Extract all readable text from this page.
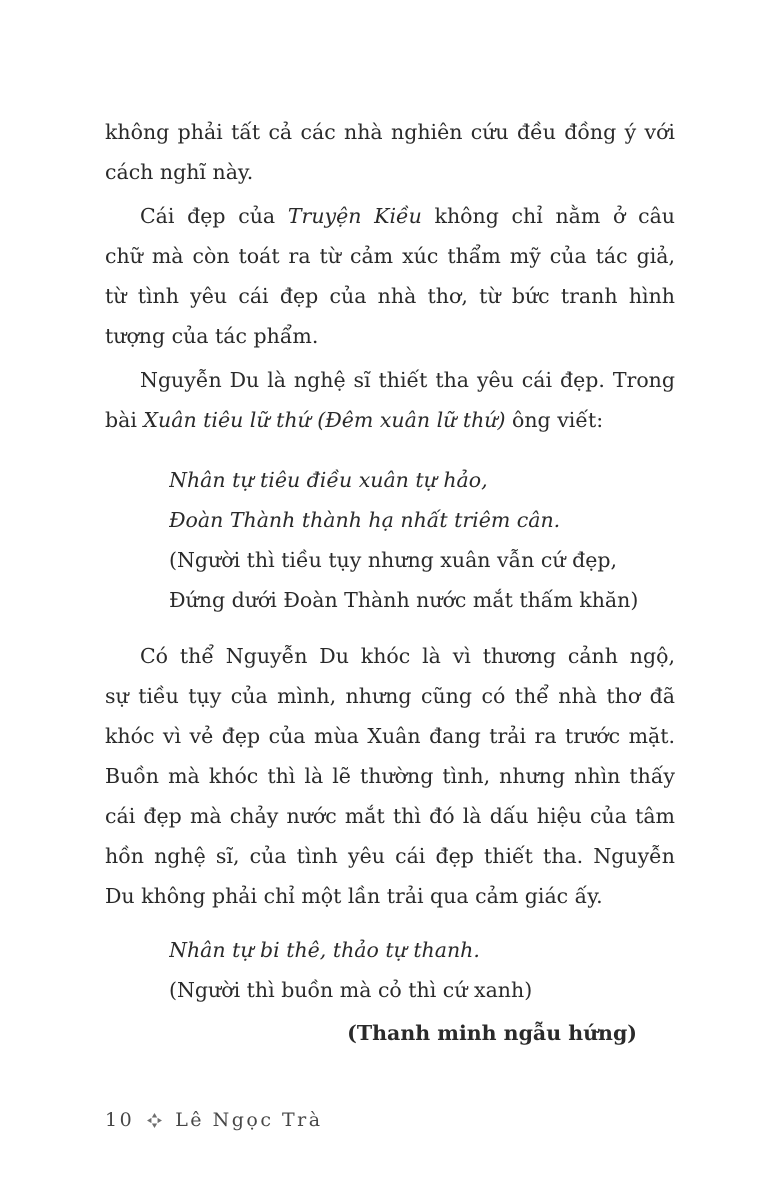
không phải tất cả các nhà nghiên cứu đều đồng ý với
cách nghĩ này.
Cái đẹp của Truyện Kiều không chỉ nằm ở câu
chữ mà còn toát ra từ cảm xúc thẩm mỹ của tác giả,
từ tình yêu cái đẹp của nhà thơ, từ bức tranh hình
tượng của tác phẩm.
Nguyễn Du là nghệ sĩ thiết tha yêu cái đẹp. Trong
bài Xuân tiêu lữ thứ (Đêm xuân lữ thứ) ông viết:
Nhân tự tiêu điều xuân tự hảo,
Đoàn Thành thành hạ nhất triêm cân.
(Người thì tiều tụy nhưng xuân vẫn cứ đẹp,
Đứng dưới Đoàn Thành nước mắt thấm khăn)
Có thể Nguyễn Du khóc là vì thương cảnh ngộ,
sự tiều tụy của mình, nhưng cũng có thể nhà thơ đã
khóc vì vẻ đẹp của mùa Xuân đang trải ra trước mặt.
Buồn mà khóc thì là lẽ thường tình, nhưng nhìn thấy
cái đẹp mà chảy nước mắt thì đó là dấu hiệu của tâm
hồn nghệ sĩ, của tình yêu cái đẹp thiết tha. Nguyễn
Du không phải chỉ một lần trải qua cảm giác ấy.
Nhân tự bi thê, thảo tự thanh.
(Người thì buồn mà cỏ thì cứ xanh)
(Thanh minh ngẫu hứng)
10 Lê Ngọc Trà
